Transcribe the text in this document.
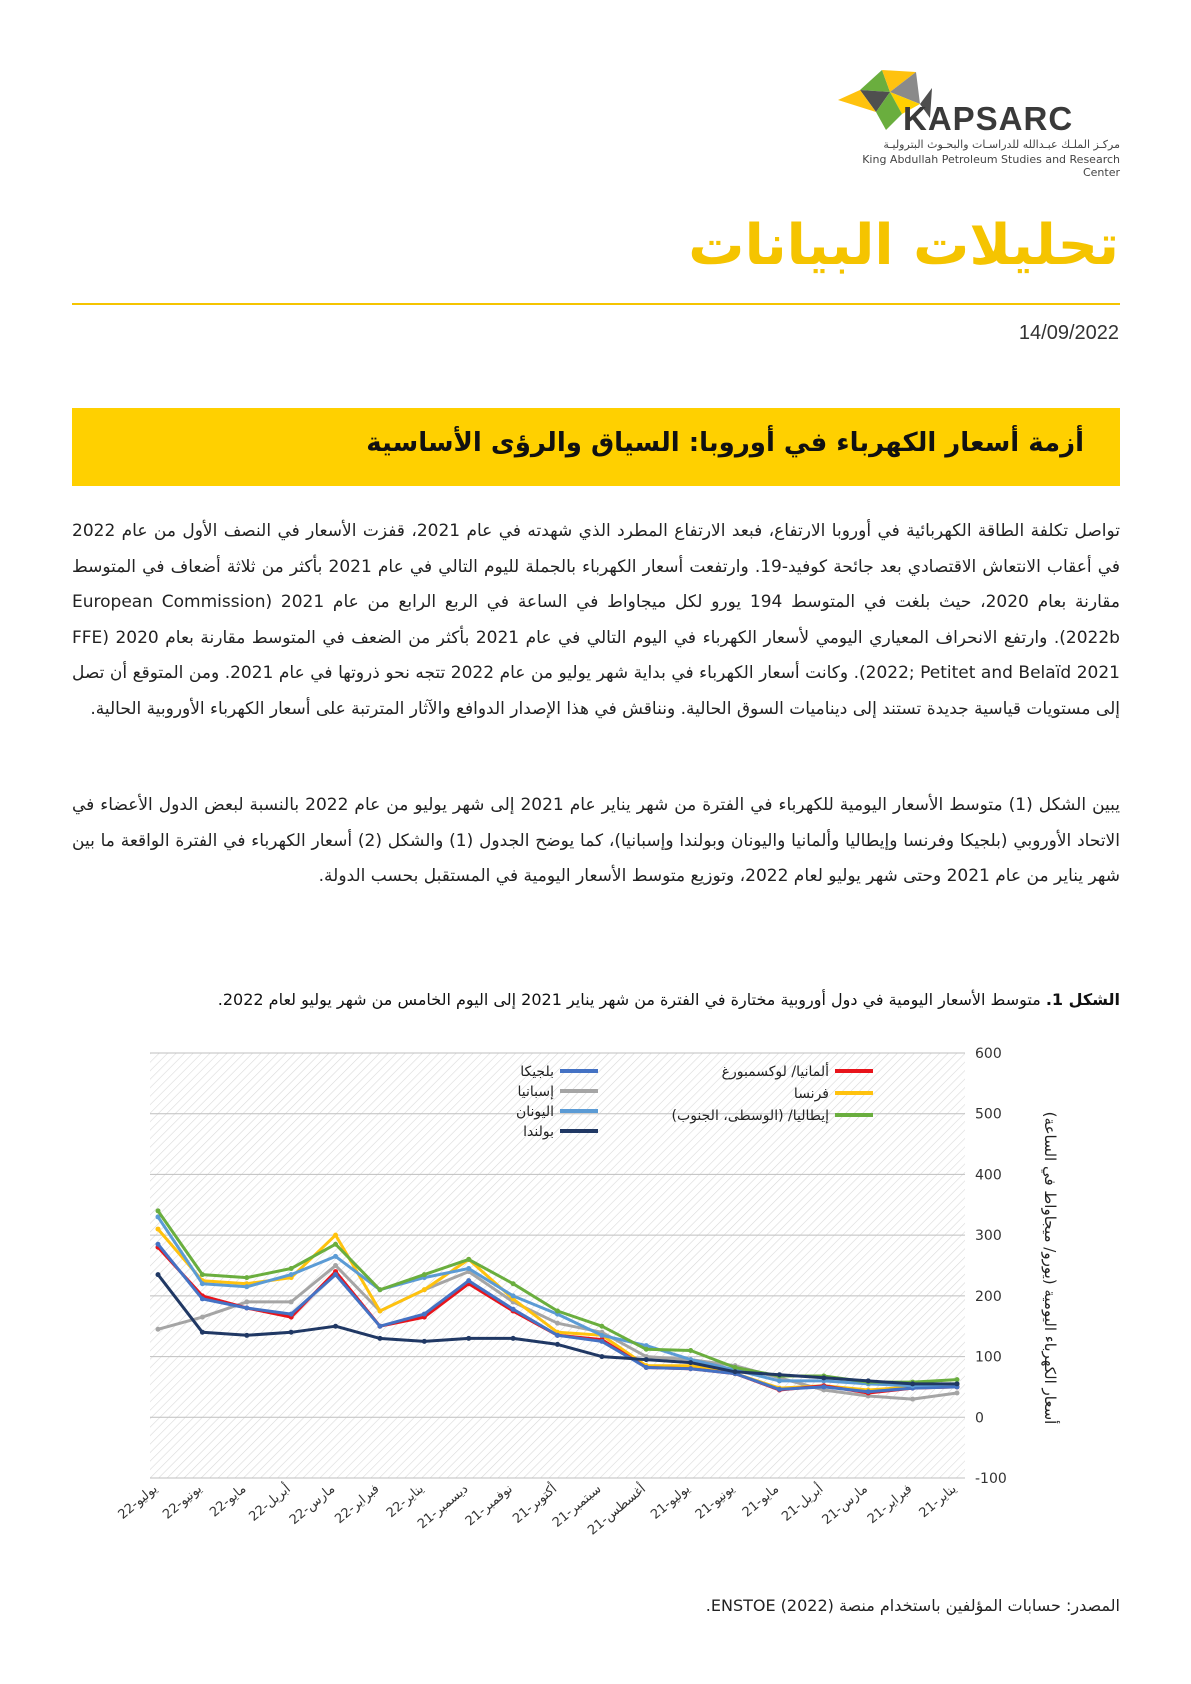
KAPSARC
مركـز الملـك عبـدالله للدراسـات والبحـوث البتروليـة
King Abdullah Petroleum Studies and Research Center
تحليلات البيانات
14/09/2022
أزمة أسعار الكهرباء في أوروبا: السياق والرؤى الأساسية
تواصل تكلفة الطاقة الكهربائية في أوروبا الارتفاع، فبعد الارتفاع المطرد الذي شهدته في عام 2021، قفزت الأسعار في النصف الأول من عام 2022 في أعقاب الانتعاش الاقتصادي بعد جائحة كوفيد-19. وارتفعت أسعار الكهرباء بالجملة لليوم التالي في عام 2021 بأكثر من ثلاثة أضعاف في المتوسط مقارنة بعام 2020، حيث بلغت في المتوسط 194 يورو لكل ميجاواط في الساعة في الربع الرابع من عام 2021 (European Commission 2022b). وارتفع الانحراف المعياري اليومي لأسعار الكهرباء في اليوم التالي في عام 2021 بأكثر من الضعف في المتوسط مقارنة بعام 2020 (FFE 2022; Petitet and Belaïd 2021). وكانت أسعار الكهرباء في بداية شهر يوليو من عام 2022 تتجه نحو ذروتها في عام 2021. ومن المتوقع أن تصل إلى مستويات قياسية جديدة تستند إلى ديناميات السوق الحالية. ونناقش في هذا الإصدار الدوافع والآثار المترتبة على أسعار الكهرباء الأوروبية الحالية.
يبين الشكل (1) متوسط الأسعار اليومية للكهرباء في الفترة من شهر يناير عام 2021 إلى شهر يوليو من عام 2022 بالنسبة لبعض الدول الأعضاء في الاتحاد الأوروبي (بلجيكا وفرنسا وإيطاليا وألمانيا واليونان وبولندا وإسبانيا)، كما يوضح الجدول (1) والشكل (2) أسعار الكهرباء في الفترة الواقعة ما بين شهر يناير من عام 2021 وحتى شهر يوليو لعام 2022، وتوزيع متوسط الأسعار اليومية في المستقبل بحسب الدولة.
الشكل 1. متوسط الأسعار اليومية في دول أوروبية مختارة في الفترة من شهر يناير 2021 إلى اليوم الخامس من شهر يوليو لعام 2022.
-100
0
100
200
300
400
500
600
يناير-21
فبراير-21
مارس-21
أبريل-21
مايو-21
يونيو-21
يوليو-21
أغسطس-21
سبتمبر-21
أكتوبر-21
نوفمبر-21
ديسمبر-21
يناير-22
فبراير-22
مارس-22
أبريل-22
مايو-22
يونيو-22
يوليو-22
ألمانيا/ لوكسمبورغ
فرنسا
إيطاليا/ (الوسطى، الجنوب)
بلجيكا
إسبانيا
اليونان
بولندا	أسعار الكهرباء اليومية (يورو/ ميجاواط في الساعة)
المصدر: حسابات المؤلفين باستخدام منصة (2022) ENSTOE.
